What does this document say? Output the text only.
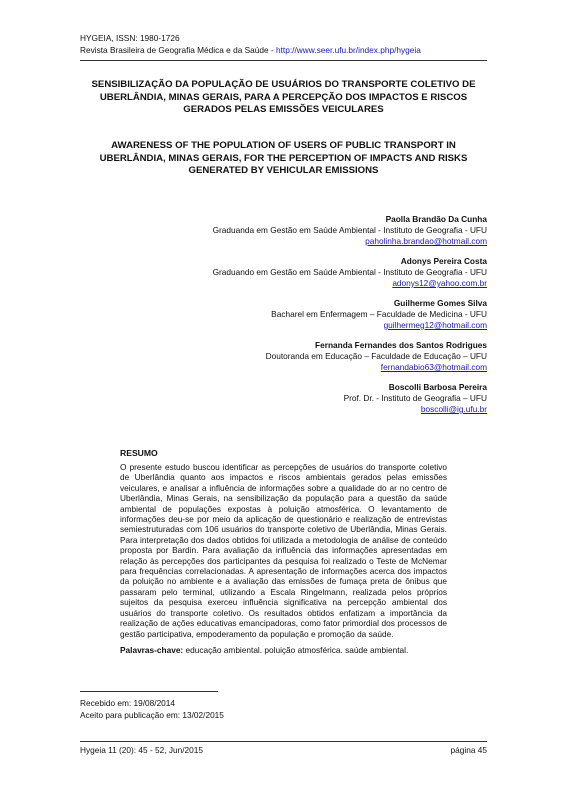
HYGEIA, ISSN: 1980-1726

Revista Brasileira de Geografia Médica e da Saúde - http://www.seer.ufu.br/index.php/hygeia
SENSIBILIZAÇÃO DA POPULAÇÃO DE USUÁRIOS DO TRANSPORTE COLETIVO DE UBERLÂNDIA, MINAS GERAIS, PARA A PERCEPÇÃO DOS IMPACTOS E RISCOS GERADOS PELAS EMISSÕES VEICULARES
AWARENESS OF THE POPULATION OF USERS OF PUBLIC TRANSPORT IN UBERLÂNDIA, MINAS GERAIS, FOR THE PERCEPTION OF IMPACTS AND RISKS GENERATED BY VEHICULAR EMISSIONS
Paolla Brandão Da Cunha
Graduanda em Gestão em Saúde Ambiental - Instituto de Geografia - UFU
paholinha.brandao@hotmail.com
Adonys Pereira Costa
Graduando em Gestão em Saúde Ambiental - Instituto de Geografia - UFU
adonys12@yahoo.com.br
Guilherme Gomes Silva
Bacharel em Enfermagem – Faculdade de Medicina - UFU
guilhermeg12@hotmail.com
Fernanda Fernandes dos Santos Rodrigues
Doutoranda em Educação – Faculdade de Educação – UFU
fernandabio63@hotmail.com
Boscolli Barbosa Pereira
Prof. Dr. - Instituto de Geografia – UFU
boscolli@ig.ufu.br
RESUMO
O presente estudo buscou identificar as percepções de usuários do transporte coletivo de Uberlândia quanto aos impactos e riscos ambientais gerados pelas emissões veiculares, e analisar a influência de informações sobre a qualidade do ar no centro de Uberlândia, Minas Gerais, na sensibilização da população para a questão da saúde ambiental de populações expostas à poluição atmosférica. O levantamento de informações deu-se por meio da aplicação de questionário e realização de entrevistas semiestruturadas com 106 usuários do transporte coletivo de Uberlândia, Minas Gerais. Para interpretação dos dados obtidos foi utilizada a metodologia de análise de conteúdo proposta por Bardin. Para avaliação da influência das informações apresentadas em relação às percepções dos participantes da pesquisa foi realizado o Teste de McNemar para frequências correlacionadas. A apresentação de informações acerca dos impactos da poluição no ambiente e a avaliação das emissões de fumaça preta de ônibus que passaram pelo terminal, utilizando a Escala Ringelmann, realizada pelos próprios sujeitos da pesquisa exerceu influência significativa na percepção ambiental dos usuários do transporte coletivo. Os resultados obtidos enfatizam a importância da realização de ações educativas emancipadoras, como fator primordial dos processos de gestão participativa, empoderamento da população e promoção da saúde.
Palavras-chave: educação ambiental. poluição atmosférica. saúde ambiental.
Recebido em: 19/08/2014
Aceito para publicação em: 13/02/2015
Hygeia 11 (20): 45 - 52, Jun/2015	página 45
